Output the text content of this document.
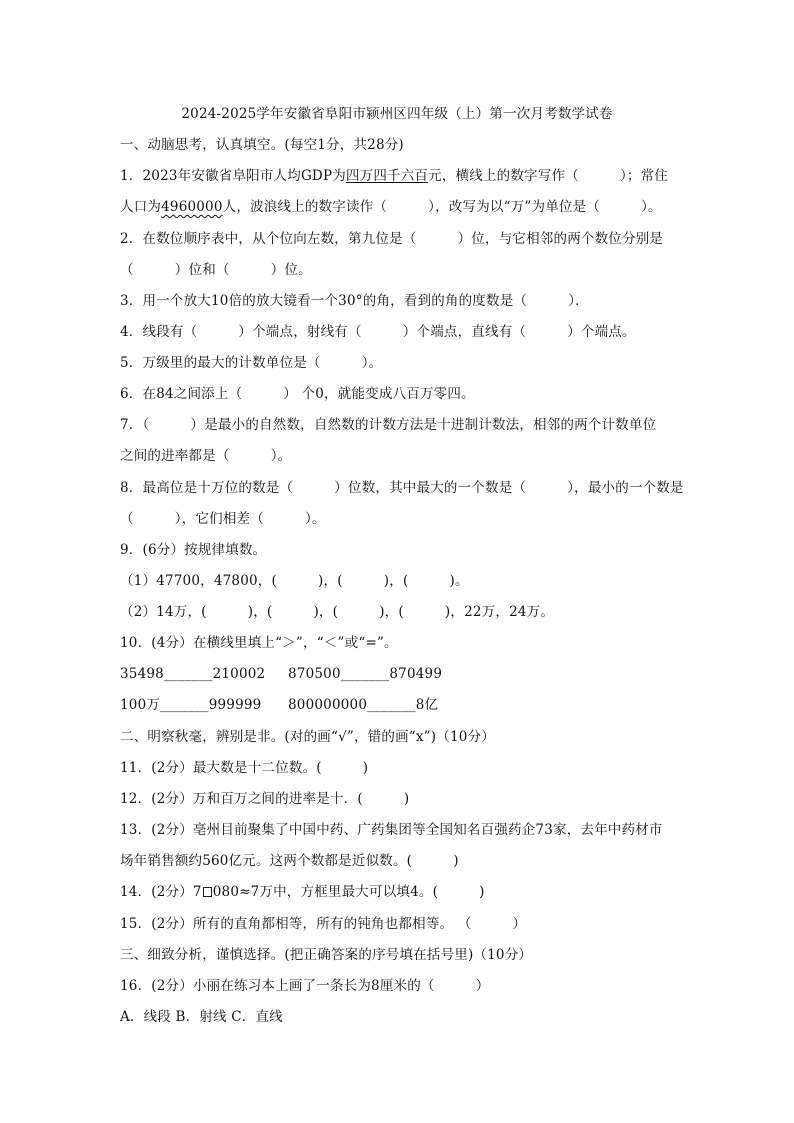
2024-2025学年安徽省阜阳市颍州区四年级（上）第一次月考数学试卷
一、动脑思考，认真填空。(每空1分，共28分)
1．2023年安徽省阜阳市人均GDP为四万四千六百元，横线上的数字写作（　　　）；常住
人口为4960000人，波浪线上的数字读作（　　　），改写为以“万”为单位是（　　　）。
2．在数位顺序表中，从个位向左数，第九位是（　　　）位，与它相邻的两个数位分别是
（　　　）位和（　　　）位。
3．用一个放大10倍的放大镜看一个30°的角，看到的角的度数是（　　　）．
4．线段有（　　　）个端点，射线有（　　　）个端点，直线有（　　　）个端点。
5．万级里的最大的计数单位是（　　　）。
6．在84之间添上（　　　） 个0，就能变成八百万零四。
7．（　　　）是最小的自然数，自然数的计数方法是十进制计数法，相邻的两个计数单位
之间的进率都是（　　　）。
8．最高位是十万位的数是（　　　）位数，其中最大的一个数是（　　　），最小的一个数是
（　　　），它们相差（　　　）。
9．(6分）按规律填数。
（1）47700，47800，(　　　)，(　　　)，(　　　)。
（2）14万，(　　　)，(　　　)，(　　　)，(　　　)，22万，24万。
10．(4分）在横线里填上“＞”，“＜”或“=”。
35498_______210002 870500_______870499
100万_______999999 800000000_______8亿
二、明察秋毫，辨别是非。(对的画“√”，错的画“x”)（10分）
11．(2分）最大数是十二位数。(　　　)
12．(2分）万和百万之间的进率是十．(　　　)
13．(2分）亳州目前聚集了中国中药、广药集团等全国知名百强药企73家，去年中药材市
场年销售额约560亿元。这两个数都是近似数。(　　　)
14．(2分）7 080≈7万中，方框里最大可以填4。(　　　)
15．(2分）所有的直角都相等，所有的钝角也都相等。 （　　　）
三、细致分析，谨慎选择。(把正确答案的序号填在括号里)（10分）
16．(2分）小丽在练习本上画了一条长为8厘米的（　　　）
A．线段 B．射线 C．直线
